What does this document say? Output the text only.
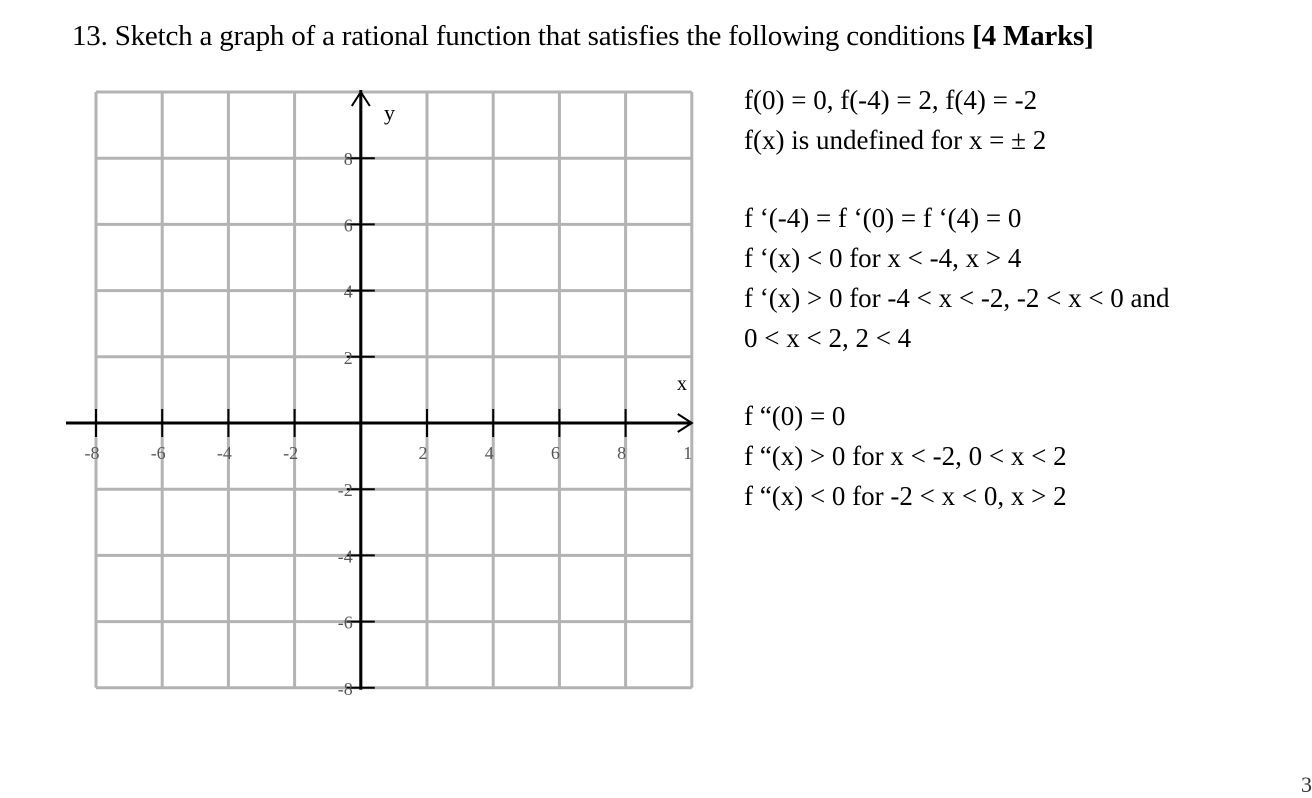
13. Sketch a graph of a rational function that satisfies the following conditions [4 Marks]
-8	-6	-4	-2	2	4	6	8	1
8
6
4
2
-2
-4
-6
-8
x
y	f(0) = 0, f(-4) = 2, f(4) = -2
f(x) is undefined for x = ± 2
f ‘(-4) = f ‘(0) = f ‘(4) = 0
f ‘(x) < 0 for x < -4, x > 4
f ‘(x) > 0 for -4 < x < -2, -2 < x < 0 and
0 < x < 2, 2 < 4
f “(0) = 0
f “(x) > 0 for x < -2, 0 < x < 2
f “(x) < 0 for -2 < x < 0, x > 2
3
